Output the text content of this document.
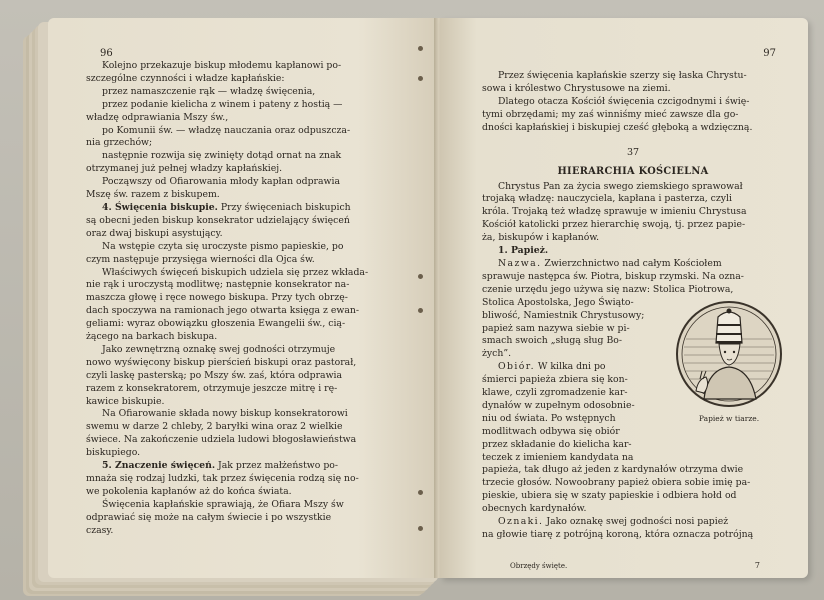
96

Kolejno przekazuje biskup młodemu kapłanowi po-

szczególne czynności i władze kapłańskie:

przez namaszczenie rąk — władzę święcenia,

przez podanie kielicha z winem i pateny z hostią —

władzę odprawiania Mszy św.,

po Komunii św. — władzę nauczania oraz odpuszcza-

nia grzechów;

następnie rozwija się zwinięty dotąd ornat na znak

otrzymanej już pełnej władzy kapłańskiej.

Począwszy od Ofiarowania młody kapłan odprawia

Mszę św. razem z biskupem.

4. Święcenia biskupie. Przy święceniach biskupich

są obecni jeden biskup konsekrator udzielający święceń

oraz dwaj biskupi asystujący.

Na wstępie czyta się uroczyste pismo papieskie, po

czym następuje przysięga wierności dla Ojca św.

Właściwych święceń biskupich udziela się przez wkłada-

nie rąk i uroczystą modlitwę; następnie konsekrator na-

maszcza głowę i ręce nowego biskupa. Przy tych obrzę-

dach spoczywa na ramionach jego otwarta księga z ewan-

geliami: wyraz obowiązku głoszenia Ewangelii św., cią-

żącego na barkach biskupa.

Jako zewnętrzną oznakę swej godności otrzymuje

nowo wyświęcony biskup pierścień biskupi oraz pastorał,

czyli laskę pasterską; po Mszy św. zaś, która odprawia

razem z konsekratorem, otrzymuje jeszcze mitrę i rę-

kawice biskupie.

Na Ofiarowanie składa nowy biskup konsekratorowi

swemu w darze 2 chleby, 2 baryłki wina oraz 2 wielkie

świece. Na zakończenie udziela ludowi błogosławieństwa

biskupiego.

5. Znaczenie święceń. Jak przez małżeństwo po-

mnaża się rodzaj ludzki, tak przez święcenia rodzą się no-

we pokolenia kapłanów aż do końca świata.

Święcenia kapłańskie sprawiają, że Ofiara Mszy św

odprawiać się może na całym świecie i po wszystkie

czasy.

97

Przez święcenia kapłańskie szerzy się łaska Chrystu-

sowa i królestwo Chrystusowe na ziemi.

Dlatego otacza Kościół święcenia czcigodnymi i świę-

tymi obrzędami; my zaś winniśmy mieć zawsze dla go-

dności kapłańskiej i biskupiej cześć głęboką a wdzięczną.

37
HIERARCHIA KOŚCIELNA

Chrystus Pan za życia swego ziemskiego sprawował

trojaką władzę: nauczyciela, kapłana i pasterza, czyli

króla. Trojaką też władzę sprawuje w imieniu Chrystusa

Kościół katolicki przez hierarchię swoją, tj. przez papie-

ża, biskupów i kapłanów.

1. Papież.

Nazwa. Zwierzchnictwo nad całym Kościołem

sprawuje następca św. Piotra, biskup rzymski. Na ozna-

czenie urzędu jego używa się nazw: Stolica Piotrowa,

Papież w tiarze.

Stolica Apostolska, Jego Świąto-

bliwość, Namiestnik Chrystusowy;

papież sam nazywa siebie w pi-

smach swoich „sługą sług Bo-

żych”.

Obiór. W kilka dni po

śmierci papieża zbiera się kon-

klawe, czyli zgromadzenie kar-

dynałów w zupełnym odosobnie-

niu od świata. Po wstępnych

modlitwach odbywa się obiór

przez składanie do kielicha kar-

teczek z imieniem kandydata na

papieża, tak długo aż jeden z kardynałów otrzyma dwie

trzecie głosów. Nowoobrany papież obiera sobie imię pa-

pieskie, ubiera się w szaty papieskie i odbiera hołd od

obecnych kardynałów.

Oznaki. Jako oznakę swej godności nosi papież

na głowie tiarę z potrójną koroną, która oznacza potrójną

Obrzędy święte.	7
